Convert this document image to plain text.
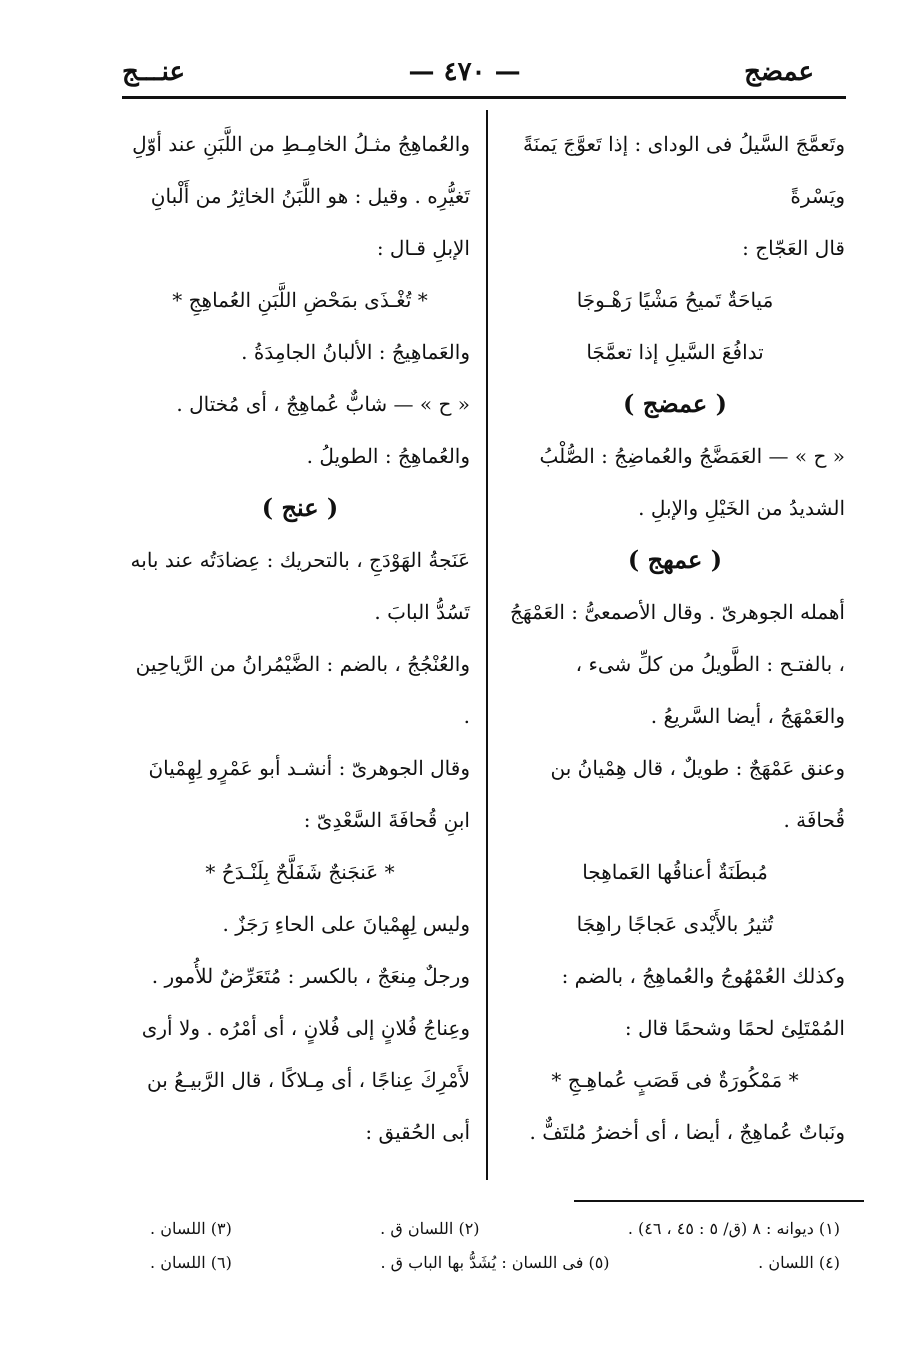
عمضج
— ٤٧٠ —
عنـــج

وتَعمَّجَ السَّيلُ فى الوداى : إذا تَعوَّجَ يَمنَةً ويَسْرةً

قال العَجّاج :

مَياحَةٌ تَميحُ مَشْيًا رَهْـوجَا

تدافُعَ السَّيلِ إذا تعمَّجَا

( عمضج )

« ح » — العَمَضَّجُ والعُماضِجُ : الصُّلْبُ الشديدُ من الخَيْلِ والإبلِ .

( عمهج )

أهمله الجوهرىّ . وقال الأصمعىُّ : العَمْهَجُ ، بالفتـح : الطَّويلُ من كلِّ شىء ، والعَمْهَجُ ، أيضا السَّريعُ .

وعنق عَمْهَجٌ : طويلٌ ، قال هِمْيانُ بن قُحافَة .

مُبطَنَةٌ أعناقُها العَماهِجا

تُثيرُ بالأَيْدى عَجاجًا راهِجَا

وكذلك العُمْهُوجُ والعُماهِجُ ، بالضم : المُمْتَلِئ لحمًا وشحمًا قال :

* مَمْكُورَةٌ فى قَصَبٍ عُماهِـجِ *

ونَباتٌ عُماهِجٌ ، أيضا ، أى أخضرُ مُلتَفٌّ .

والعُماهِجُ مثـلُ الخامِـطِ من اللَّبَنِ عند أوّلِ تَغيُّرِه . وقيل : هو اللَّبَنُ الخاثِرُ من أَلْبانِ الإبلِ قـال :

* تُغْـذَى بمَحْضِ اللَّبَنِ العُماهِجِ *

والعَماهِيجُ : الألبانُ الجامِدَةُ .

« ح » — شابٌّ عُماهِجٌ ، أى مُختال .

والعُماهِجُ : الطويلُ .

( عنج )

عَنَجةُ الهَوْدَجِ ، بالتحريك : عِضادَتُه عند بابه تَسُدُّ البابَ .

والعُنْجُجُ ، بالضم : الضَّيْمُرانُ من الرَّياحِين .

وقال الجوهرىّ : أنشـد أبو عَمْرٍو لِهِمْيانَ ابنِ قُحافَةَ السَّعْدِىّ :

* عَنجَنجٌ شَفَلَّحٌ بِلَنْـدَحُ *

وليس لِهِمْيانَ على الحاءِ رَجَزٌ .

ورجلٌ مِنعَجٌ ، بالكسر : مُتَعَرِّضٌ للأُمور .

وعِناجُ فُلانٍ إلى فُلانٍ ، أى أمْرُه . ولا أرى لأَمْرِكَ عِناجًا ، أى مِـلاكًا ، قال الرَّبيـعُ بن أبى الحُقيق :

(١) ديوانه : ٨ (ق/ ٥ : ٤٥ ، ٤٦) .
(٢) اللسان ق .
(٣) اللسان .
(٤) اللسان .
(٥) فى اللسان : يُشَدُّ بها الباب ق .
(٦) اللسان .
